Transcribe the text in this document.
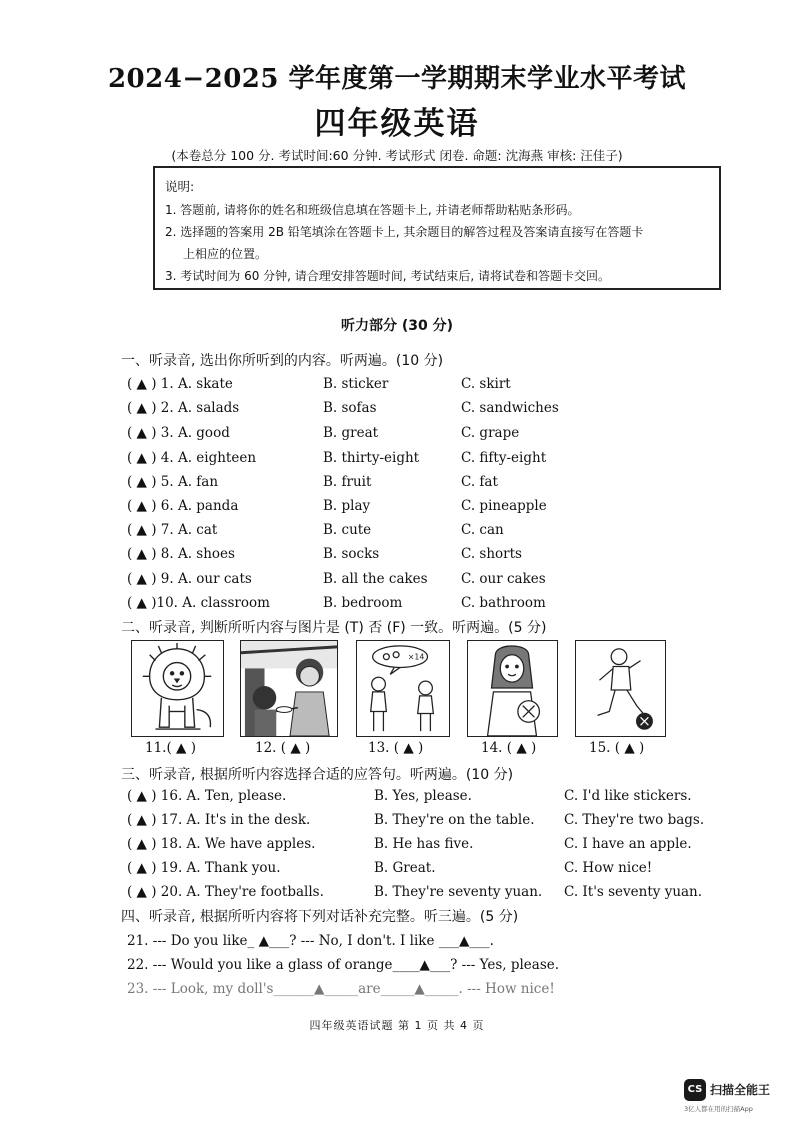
2024−2025 学年度第一学期期末学业水平考试
四年级英语
(本卷总分 100 分. 考试时间:60 分钟. 考试形式 闭卷. 命题: 沈海燕 审核: 汪佳子)
说明:
1. 答题前, 请将你的姓名和班级信息填在答题卡上, 并请老师帮助粘贴条形码。
2. 选择题的答案用 2B 铅笔填涂在答题卡上, 其余题目的解答过程及答案请直接写在答题卡
上相应的位置。
3. 考试时间为 60 分钟, 请合理安排答题时间, 考试结束后, 请将试卷和答题卡交回。
听力部分 (30 分)
一、听录音, 选出你所听到的内容。听两遍。(10 分)
( ▲ ) 1. A. skate	B. sticker	C. skirt
( ▲ ) 2. A. salads	B. sofas	C. sandwiches
( ▲ ) 3. A. good	B. great	C. grape
( ▲ ) 4. A. eighteen	B. thirty-eight	C. fifty-eight
( ▲ ) 5. A. fan	B. fruit	C. fat
( ▲ ) 6. A. panda	B. play	C. pineapple
( ▲ ) 7. A. cat	B. cute	C. can
( ▲ ) 8. A. shoes	B. socks	C. shorts
( ▲ ) 9. A. our cats	B. all the cakes C. our cakes
( ▲ )10. A. classroom	B. bedroom	C. bathroom
二、听录音, 判断所听内容与图片是 (T) 否 (F) 一致。听两遍。(5 分)
×14
11.( ▲ )	12. ( ▲ )	13. ( ▲ )	14. ( ▲ )	15. ( ▲ )
三、听录音, 根据所听内容选择合适的应答句。听两遍。(10 分)
( ▲ ) 16. A. Ten, please.	B. Yes, please.	C. I'd like stickers.
( ▲ ) 17. A. It's in the desk.	B. They're on the table. C. They're two bags.
( ▲ ) 18. A. We have apples.	B. He has five.	C. I have an apple.
( ▲ ) 19. A. Thank you.	B. Great.	C. How nice!
( ▲ ) 20. A. They're footballs.	B. They're seventy yuan. C. It's seventy yuan.
四、听录音, 根据所听内容将下列对话补充完整。听三遍。(5 分)
21. --- Do you like_ ▲___? --- No, I don't. I like ___▲___.
22. --- Would you like a glass of orange____▲___? --- Yes, please.
23. --- Look, my doll's______▲_____are_____▲_____. --- How nice!
四年级英语试题 第 1 页 共 4 页
CS 扫描全能王
3亿人都在用的扫描App
